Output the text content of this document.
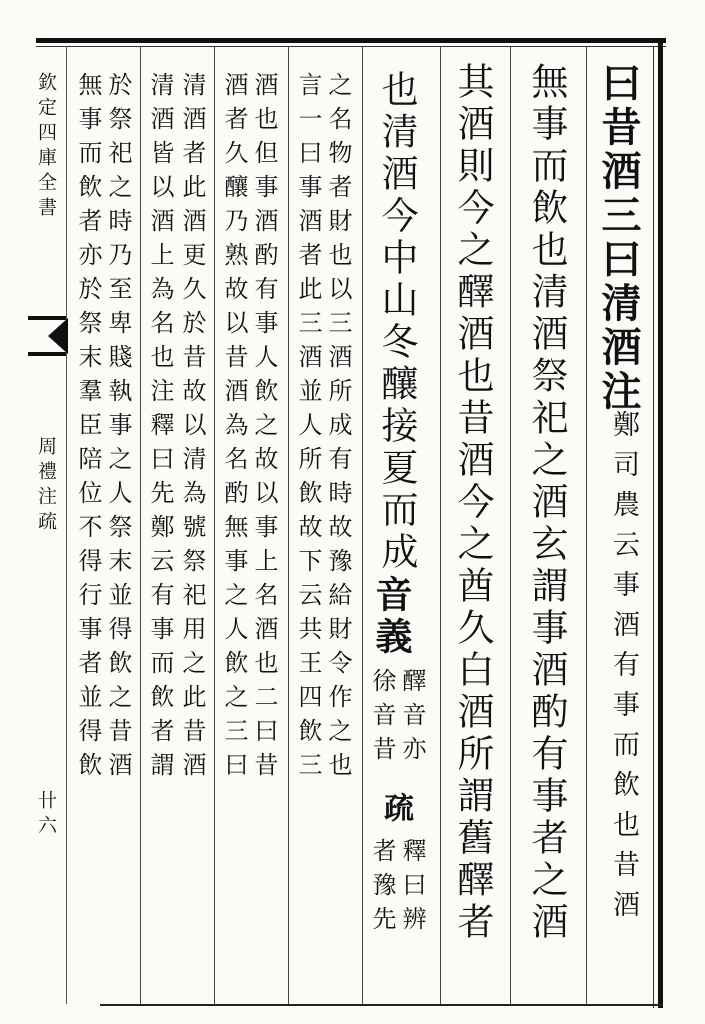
曰昔酒三曰清酒注
鄭司農云事酒有事而飲也昔酒
無事而飲也清酒祭祀之酒玄謂事酒酌有事者之酒
其酒則今之醳酒也昔酒今之酋久白酒所謂舊醳者
也清酒今中山冬釀接夏而成
音義
醳音亦
徐音昔
疏
釋曰辨
者豫先
之名物者財也以三酒所成有時故豫給財令作之也
言一曰事酒者此三酒並人所飲故下云共王四飲三
酒也但事酒酌有事人飲之故以事上名酒也二曰昔
酒者久釀乃熟故以昔酒為名酌無事之人飲之三曰
清酒者此酒更久於昔故以清為號祭祀用之此昔酒
清酒皆以酒上為名也注釋曰先鄭云有事而飲者謂
於祭祀之時乃至卑賤執事之人祭末並得飲之昔酒
無事而飲者亦於祭末羣臣陪位不得行事者並得飲
欽定四庫全書
周禮注疏
卄六
